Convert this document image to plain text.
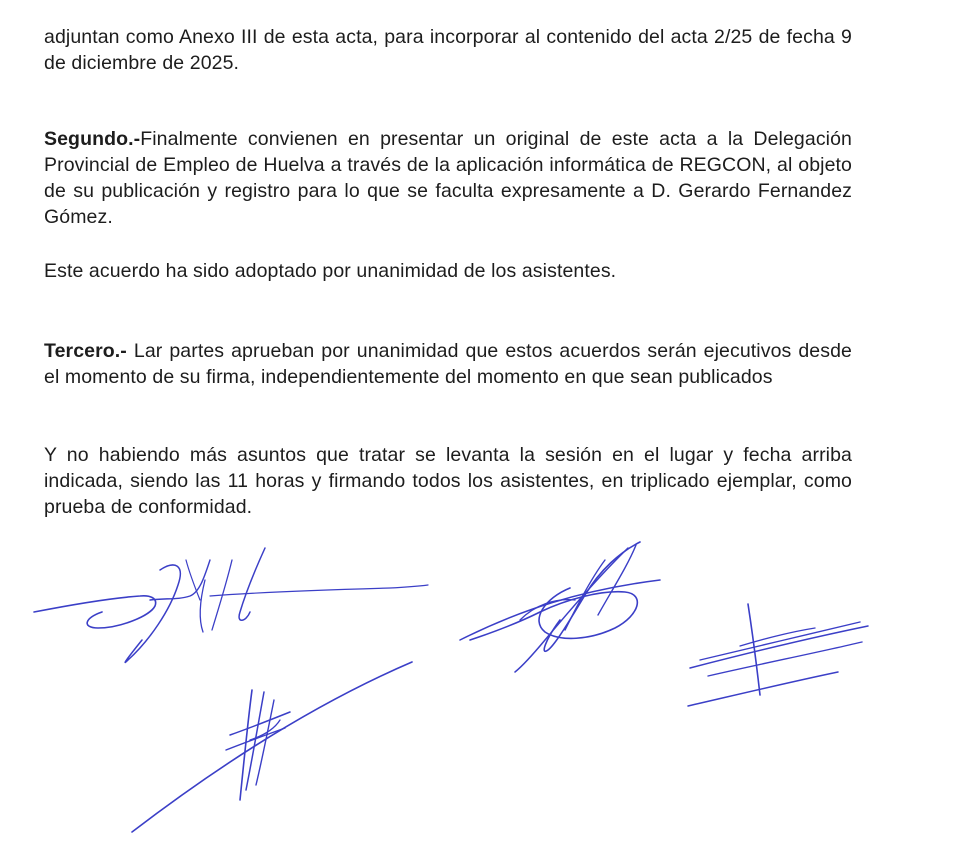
adjuntan como Anexo III de esta acta, para incorporar al contenido del acta 2/25 de fecha 9 de diciembre de 2025.

Segundo.-Finalmente convienen en presentar un original de este acta a la Delegación Provincial de Empleo de Huelva a través de la aplicación informática de REGCON, al objeto de su publicación y registro para lo que se faculta expresamente a D. Gerardo Fernandez Gómez.

Este acuerdo ha sido adoptado por unanimidad de los asistentes.

Tercero.- Lar partes aprueban por unanimidad que estos acuerdos serán ejecutivos desde el momento de su firma, independientemente del momento en que sean publicados

Y no habiendo más asuntos que tratar se levanta la sesión en el lugar y fecha arriba indicada, siendo las 11 horas y firmando todos los asistentes, en triplicado ejemplar, como prueba de conformidad.
